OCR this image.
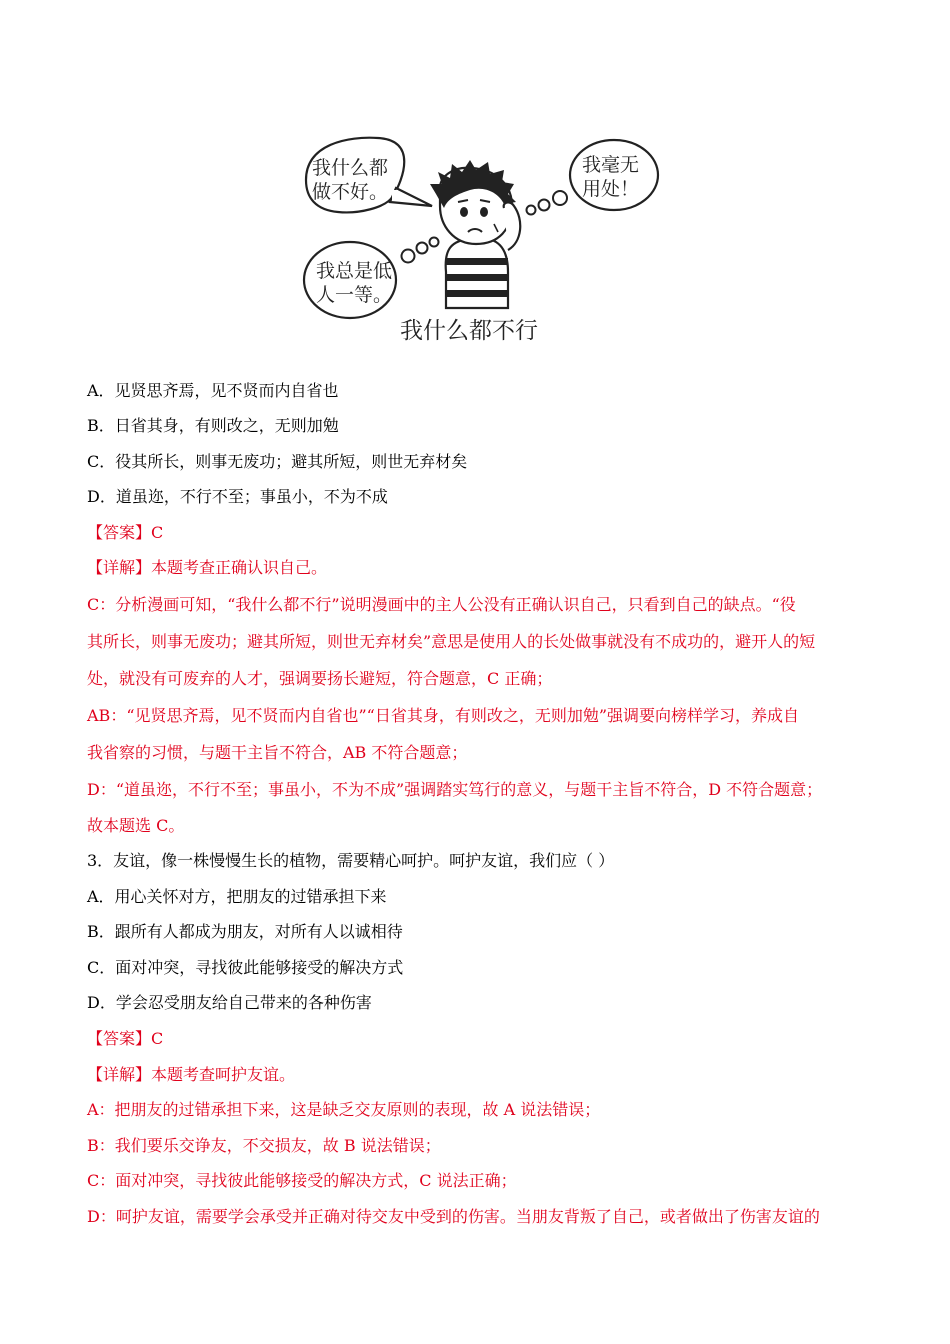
我什么都
做不好。
我毫无
用处！
我总是低
人一等。
我什么都不行
A．见贤思齐焉，见不贤而内自省也
B．日省其身，有则改之，无则加勉
C．役其所长，则事无废功；避其所短，则世无弃材矣
D．道虽迩，不行不至；事虽小，不为不成
【答案】C
【详解】本题考查正确认识自己。
C：分析漫画可知，“我什么都不行”说明漫画中的主人公没有正确认识自己，只看到自己的缺点。“役
其所长，则事无废功；避其所短，则世无弃材矣”意思是使用人的长处做事就没有不成功的，避开人的短
处，就没有可废弃的人才，强调要扬长避短，符合题意，C 正确；
AB：“见贤思齐焉，见不贤而内自省也”“日省其身，有则改之，无则加勉”强调要向榜样学习，养成自
我省察的习惯，与题干主旨不符合，AB 不符合题意；
D：“道虽迩，不行不至；事虽小，不为不成”强调踏实笃行的意义，与题干主旨不符合，D 不符合题意；
故本题选 C。
3．友谊，像一株慢慢生长的植物，需要精心呵护。呵护友谊，我们应（ ）
A．用心关怀对方，把朋友的过错承担下来
B．跟所有人都成为朋友，对所有人以诚相待
C．面对冲突，寻找彼此能够接受的解决方式
D．学会忍受朋友给自己带来的各种伤害
【答案】C
【详解】本题考查呵护友谊。
A：把朋友的过错承担下来，这是缺乏交友原则的表现，故 A 说法错误；
B：我们要乐交诤友，不交损友，故 B 说法错误；
C：面对冲突，寻找彼此能够接受的解决方式，C 说法正确；
D：呵护友谊，需要学会承受并正确对待交友中受到的伤害。当朋友背叛了自己，或者做出了伤害友谊的
